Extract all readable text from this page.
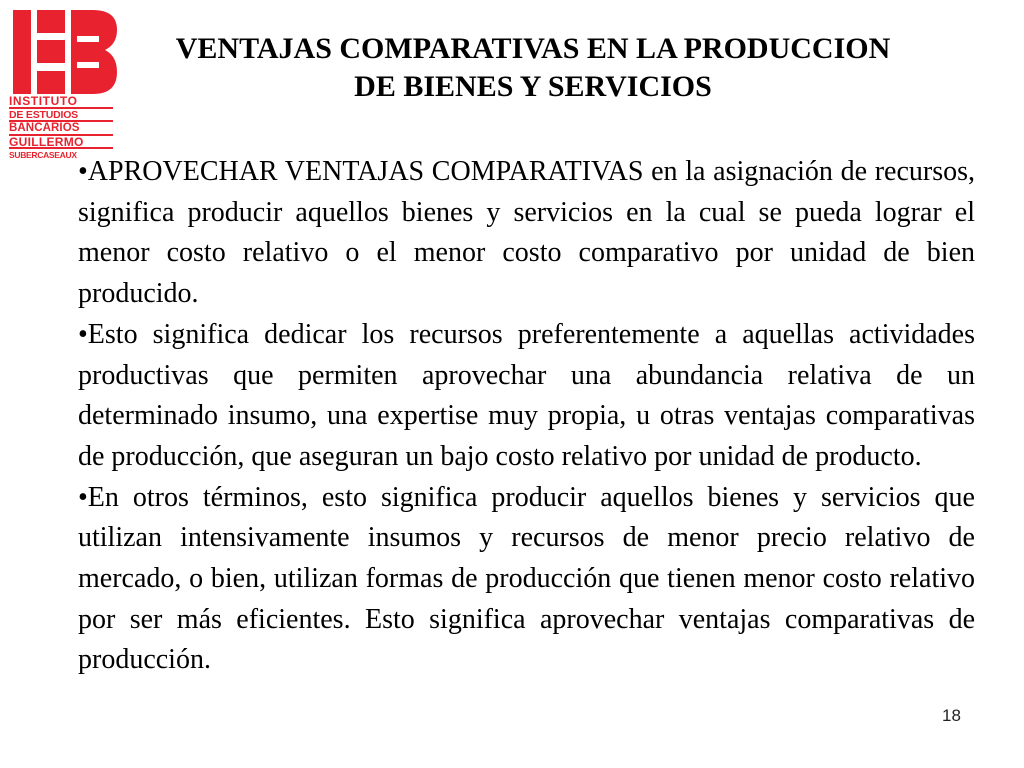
INSTITUTO
DE ESTUDIOS
BANCARIOS
GUILLERMO
SUBERCASEAUX
VENTAJAS COMPARATIVAS EN LA PRODUCCION
DE BIENES Y SERVICIOS

•APROVECHAR VENTAJAS COMPARATIVAS en la asignación de recursos, significa producir aquellos bienes y servicios en la cual se pueda lograr el menor costo relativo o el menor costo comparativo por unidad de bien producido.

•Esto significa dedicar los recursos preferentemente a aquellas actividades productivas que permiten aprovechar una abundancia relativa de un determinado insumo, una expertise muy propia, u otras ventajas comparativas de producción, que aseguran un bajo costo relativo por unidad de producto.

•En otros términos, esto significa producir aquellos bienes y servicios que utilizan intensivamente insumos y recursos de menor precio relativo de mercado, o bien, utilizan formas de producción que tienen menor costo relativo por ser más eficientes. Esto significa aprovechar ventajas comparativas de producción.

18
